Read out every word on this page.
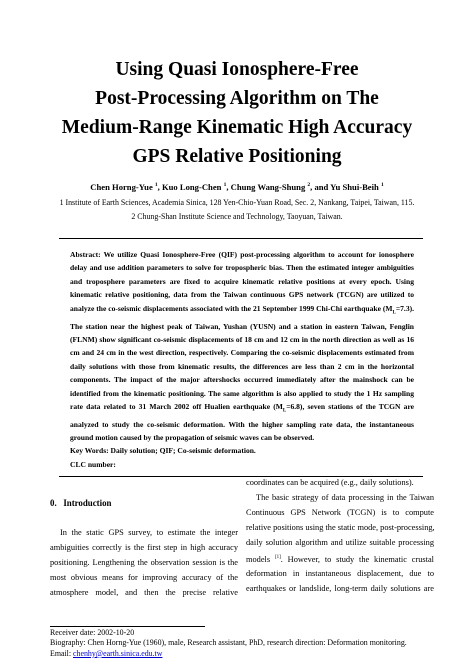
Using Quasi Ionosphere-Free
Post-Processing Algorithm on The
Medium-Range Kinematic High Accuracy
GPS Relative Positioning
Chen Horng-Yue $^1$, Kuo Long-Chen $^1$, Chung Wang-Shung $^2$, and Yu Shui-Beih $^1$
1 Institute of Earth Sciences, Academia Sinica, 128 Yen-Chio-Yuan Road, Sec. 2, Nankang, Taipei, Taiwan, 115.
2 Chung-Shan Institute Science and Technology, Taoyuan, Taiwan.
Abstract: We utilize Quasi Ionosphere-Free (QIF) post-processing algorithm to account for ionosphere
delay and use addition parameters to solve for tropospheric bias. Then the estimated integer ambiguities
and troposphere parameters are fixed to acquire kinematic relative positions at every epoch. Using
kinematic relative positioning, data from the Taiwan continuous GPS network (TCGN) are utilized to
analyze the co-seismic displacements associated with the 21 September 1999 Chi-Chi earthquake $(M_L=7.3)$.
The station near the highest peak of Taiwan, Yushan (YUSN) and a station in eastern Taiwan, Fenglin
(FLNM) show significant co-seismic displacements of 18 cm and 12 cm in the north direction as well as 16
cm and 24 cm in the west direction, respectively. Comparing the co-seismic displacements estimated from
daily solutions with those from kinematic results, the differences are less than 2 cm in the horizontal
components. The impact of the major aftershocks occurred immediately after the mainshock can be
identified from the kinematic positioning. The same algorithm is also applied to study the 1 Hz sampling
rate data related to 31 March 2002 off Hualien earthquake $(M_L=6.8)$, seven stations of the TCGN are
analyzed to study the co-seismic deformation. With the higher sampling rate data, the instantaneous
ground motion caused by the propagation of seismic waves can be observed.
Key Words: Daily solution; QIF; Co-seismic deformation.
CLC number:
0. Introduction
In the static GPS survey, to estimate the integer
ambiguities correctly is the first step in high accuracy
positioning. Lengthening the observation session is the
most obvious means for improving accuracy of the
atmosphere model, and then the precise relative
coordinates can be acquired (e.g., daily solutions).
The basic strategy of data processing in the Taiwan
Continuous GPS Network (TCGN) is to compute
relative positions using the static mode, post-processing,
daily solution algorithm and utilize suitable processing
models [1]. However, to study the kinematic crustal
deformation in instantaneous displacement, due to
earthquakes or landslide, long-term daily solutions are
Receiver date: 2002-10-20
Biography: Chen Horng-Yue (1960), male, Research assistant, PhD, research direction: Deformation monitoring.
Email: chenhy@earth.sinica.edu.tw
